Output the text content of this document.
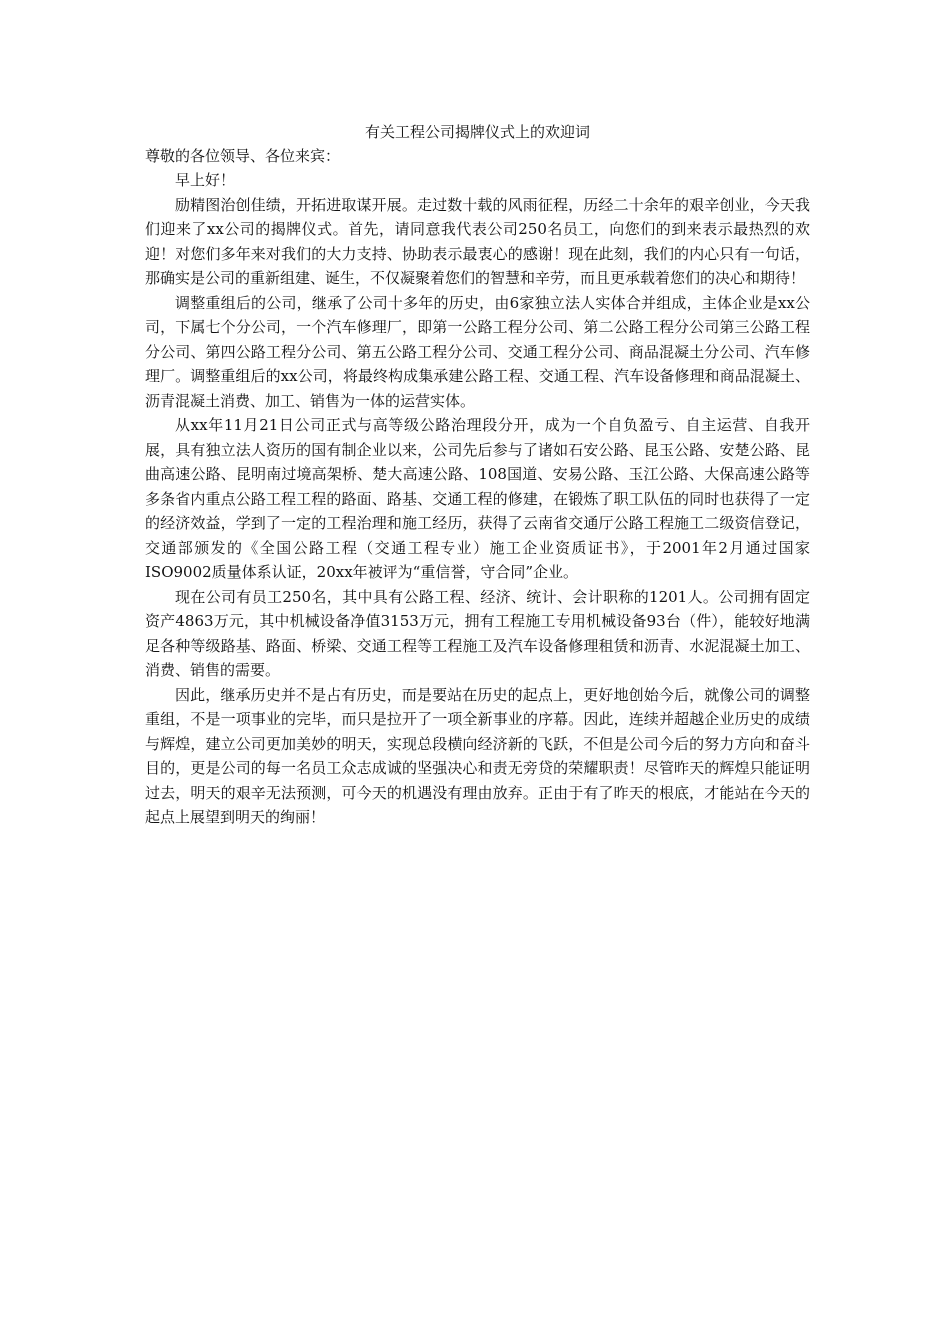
有关工程公司揭牌仪式上的欢迎词

尊敬的各位领导、各位来宾：

早上好！

励精图治创佳绩，开拓进取谋开展。走过数十载的风雨征程，历经二十余年的艰辛创业，今天我们迎来了xx公司的揭牌仪式。首先，请同意我代表公司250名员工，向您们的到来表示最热烈的欢迎！对您们多年来对我们的大力支持、协助表示最衷心的感谢！现在此刻，我们的内心只有一句话，那确实是公司的重新组建、诞生，不仅凝聚着您们的智慧和辛劳，而且更承载着您们的决心和期待！

调整重组后的公司，继承了公司十多年的历史，由6家独立法人实体合并组成，主体企业是xx公司，下属七个分公司，一个汽车修理厂，即第一公路工程分公司、第二公路工程分公司第三公路工程分公司、第四公路工程分公司、第五公路工程分公司、交通工程分公司、商品混凝土分公司、汽车修理厂。调整重组后的xx公司，将最终构成集承建公路工程、交通工程、汽车设备修理和商品混凝土、沥青混凝土消费、加工、销售为一体的运营实体。

从xx年11月21日公司正式与高等级公路治理段分开，成为一个自负盈亏、自主运营、自我开展，具有独立法人资历的国有制企业以来，公司先后参与了诸如石安公路、昆玉公路、安楚公路、昆曲高速公路、昆明南过境高架桥、楚大高速公路、108国道、安易公路、玉江公路、大保高速公路等多条省内重点公路工程工程的路面、路基、交通工程的修建，在锻炼了职工队伍的同时也获得了一定的经济效益，学到了一定的工程治理和施工经历，获得了云南省交通厅公路工程施工二级资信登记，交通部颁发的《全国公路工程（交通工程专业）施工企业资质证书》，于2001年2月通过国家ISO9002质量体系认证，20xx年被评为“重信誉，守合同”企业。

现在公司有员工250名，其中具有公路工程、经济、统计、会计职称的1201人。公司拥有固定资产4863万元，其中机械设备净值3153万元，拥有工程施工专用机械设备93台（件），能较好地满足各种等级路基、路面、桥梁、交通工程等工程施工及汽车设备修理租赁和沥青、水泥混凝土加工、消费、销售的需要。

因此，继承历史并不是占有历史，而是要站在历史的起点上，更好地创始今后，就像公司的调整重组，不是一项事业的完毕，而只是拉开了一项全新事业的序幕。因此，连续并超越企业历史的成绩与辉煌，建立公司更加美妙的明天，实现总段横向经济新的飞跃，不但是公司今后的努力方向和奋斗目的，更是公司的每一名员工众志成诚的坚强决心和责无旁贷的荣耀职责！尽管昨天的辉煌只能证明过去，明天的艰辛无法预测，可今天的机遇没有理由放弃。正由于有了昨天的根底，才能站在今天的起点上展望到明天的绚丽！
